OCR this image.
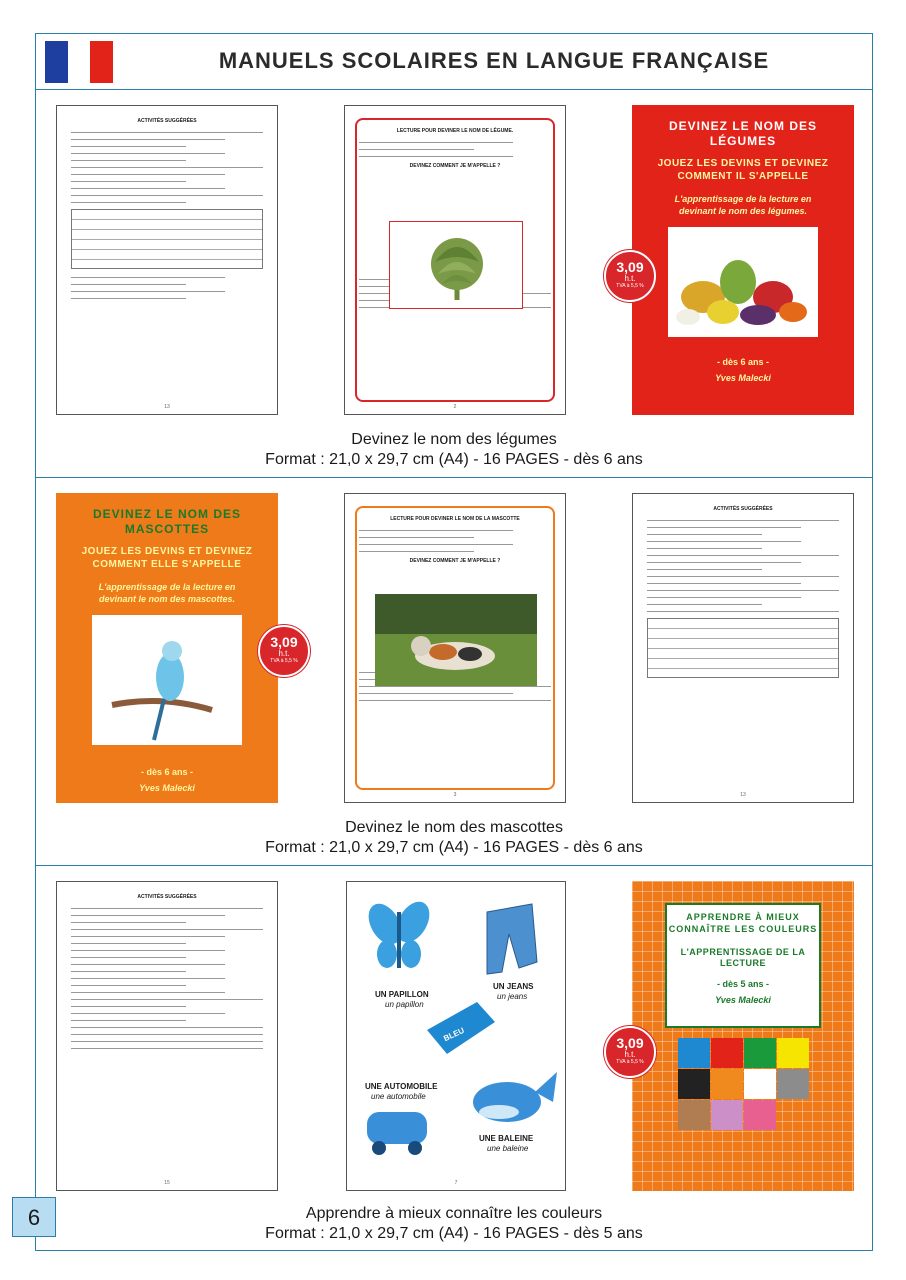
MANUELS SCOLAIRES EN LANGUE FRANÇAISE
ACTIVITÉS SUGGÉRÉES
13
LECTURE POUR DEVINER LE NOM DE LÉGUME.
DEVINEZ COMMENT JE M'APPELLE ?
2
DEVINEZ LE NOM DES LÉGUMES
JOUEZ LES DEVINS ET DEVINEZ COMMENT IL S'APPELLE
L'apprentissage de la lecture en devinant le nom des légumes.
- dès 6 ans -
Yves Malecki
3,09
h.t.
TVA à 5,5 %
Devinez le nom des légumes
Format : 21,0 x 29,7 cm (A4) - 16 PAGES - dès 6 ans
DEVINEZ LE NOM DES MASCOTTES
JOUEZ LES DEVINS ET DEVINEZ COMMENT ELLE S'APPELLE
L'apprentissage de la lecture en devinant le nom des mascottes.
- dès 6 ans -
Yves Malecki
3,09
h.t.
TVA à 5,5 %
LECTURE POUR DEVINER LE NOM DE LA MASCOTTE
DEVINEZ COMMENT JE M'APPELLE ?
3
ACTIVITÉS SUGGÉRÉES
13
Devinez le nom des mascottes
Format : 21,0 x 29,7 cm (A4) - 16 PAGES - dès 6 ans
ACTIVITÉS SUGGÉRÉES
15
UN PAPILLON
un papillon
UN JEANS
un jeans
BLEU
UNE AUTOMOBILE
une automobile
UNE BALEINE
une baleine
7
APPRENDRE À MIEUX CONNAÎTRE LES COULEURS
L'APPRENTISSAGE DE LA LECTURE
- dès 5 ans -
Yves Malecki
3,09
h.t.
TVA à 5,5 %
Apprendre à mieux connaître les couleurs
Format : 21,0 x 29,7 cm (A4) - 16 PAGES - dès 5 ans
6
